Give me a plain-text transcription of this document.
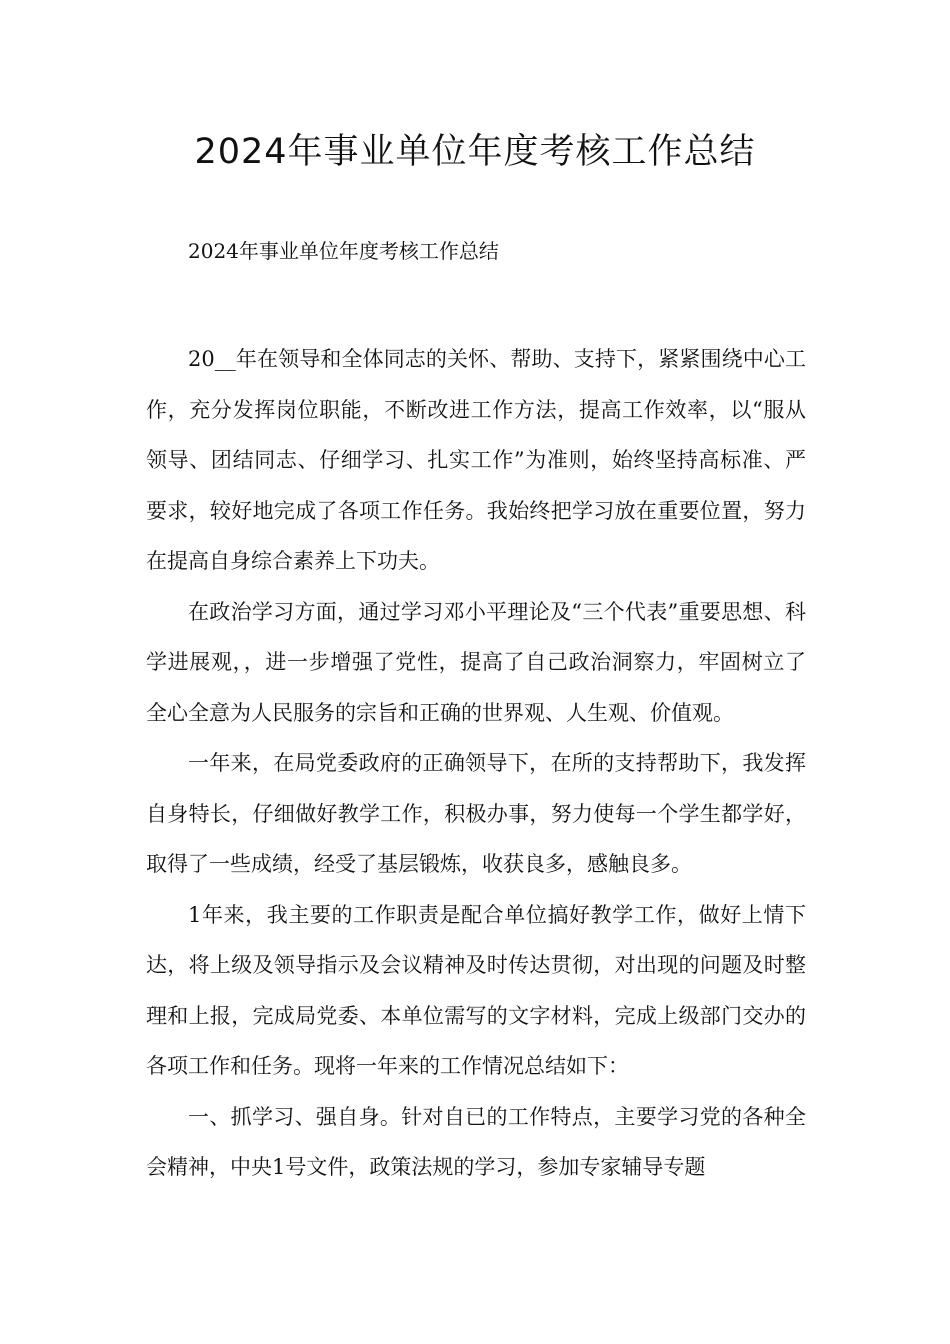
2024年事业单位年度考核工作总结

2024年事业单位年度考核工作总结

20__年在领导和全体同志的关怀、帮助、支持下，紧紧围绕中心工作，充分发挥岗位职能，不断改进工作方法，提高工作效率，以“服从领导、团结同志、仔细学习、扎实工作”为准则，始终坚持高标准、严要求，较好地完成了各项工作任务。我始终把学习放在重要位置，努力在提高自身综合素养上下功夫。

在政治学习方面，通过学习邓小平理论及“三个代表”重要思想、科学进展观，，进一步增强了党性，提高了自己政治洞察力，牢固树立了全心全意为人民服务的宗旨和正确的世界观、人生观、价值观。

一年来，在局党委政府的正确领导下，在所的支持帮助下，我发挥自身特长，仔细做好教学工作，积极办事，努力使每一个学生都学好，取得了一些成绩，经受了基层锻炼，收获良多，感触良多。

1年来，我主要的工作职责是配合单位搞好教学工作，做好上情下达，将上级及领导指示及会议精神及时传达贯彻，对出现的问题及时整理和上报，完成局党委、本单位需写的文字材料，完成上级部门交办的各项工作和任务。现将一年来的工作情况总结如下：

一、抓学习、强自身。针对自已的工作特点，主要学习党的各种全会精神，中央1号文件，政策法规的学习，参加专家辅导专题
